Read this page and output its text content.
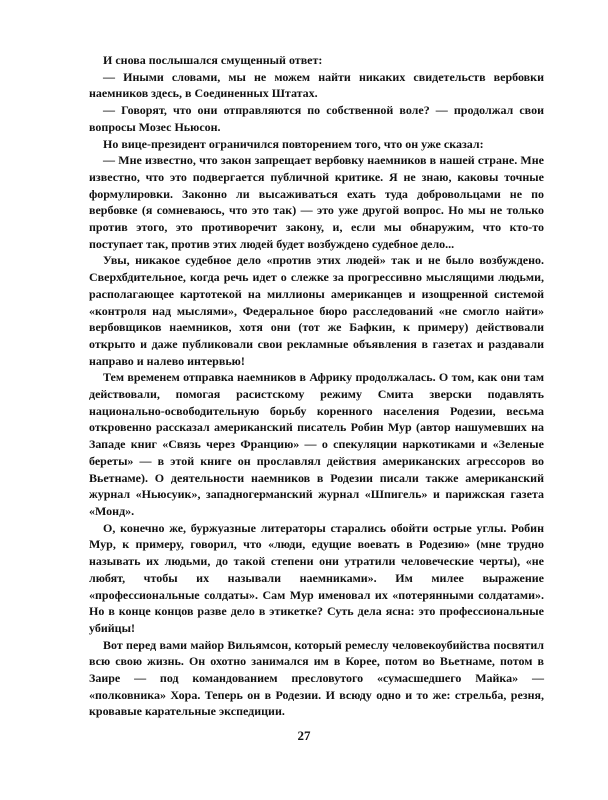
И снова послышался смущенный ответ:

— Иными словами, мы не можем найти никаких свидетельств вербовки наемников здесь, в Соединенных Штатах.

— Говорят, что они отправляются по собственной воле? — продолжал свои вопросы Мозес Ньюсон.

Но вице-президент ограничился повторением того, что он уже сказал:

— Мне известно, что закон запрещает вербовку наемников в нашей стране. Мне известно, что это подвергается публичной критике. Я не знаю, каковы точные формулировки. Законно ли высаживаться ехать туда добровольцами не по вербовке (я сомневаюсь, что это так) — это уже другой вопрос. Но мы не только против этого, это противоречит закону, и, если мы обнаружим, что кто-то поступает так, против этих людей будет возбуждено судебное дело...

Увы, никакое судебное дело «против этих людей» так и не было возбуждено. Сверхбдительное, когда речь идет о слежке за прогрессивно мыслящими людьми, располагающее картотекой на миллионы американцев и изощренной системой «контроля над мыслями», Федеральное бюро расследований «не смогло найти» вербовщиков наемников, хотя они (тот же Бафкин, к примеру) действовали открыто и даже публиковали свои рекламные объявления в газетах и раздавали направо и налево интервью!

Тем временем отправка наемников в Африку продолжалась. О том, как они там действовали, помогая расистскому режиму Смита зверски подавлять национально-освободительную борьбу коренного населения Родезии, весьма откровенно рассказал американский писатель Робин Мур (автор нашумевших на Западе книг «Связь через Францию» — о спекуляции наркотиками и «Зеленые береты» — в этой книге он прославлял действия американских агрессоров во Вьетнаме). О деятельности наемников в Родезии писали также американский журнал «Ньюсуик», западногерманский журнал «Шпигель» и парижская газета «Монд».

О, конечно же, буржуазные литераторы старались обойти острые углы. Робин Мур, к примеру, говорил, что «люди, едущие воевать в Родезию» (мне трудно называть их людьми, до такой степени они утратили человеческие черты), «не любят, чтобы их называли наемниками». Им милее выражение «профессиональные солдаты». Сам Мур именовал их «потерянными солдатами». Но в конце концов разве дело в этикетке? Суть дела ясна: это профессиональные убийцы!

Вот перед вами майор Вильямсон, который ремеслу человекоубийства посвятил всю свою жизнь. Он охотно занимался им в Корее, потом во Вьетнаме, потом в Заире — под командованием пресловутого «сумасшедшего Майка» — «полковника» Хора. Теперь он в Родезии. И всюду одно и то же: стрельба, резня, кровавые карательные экспедиции.

27
